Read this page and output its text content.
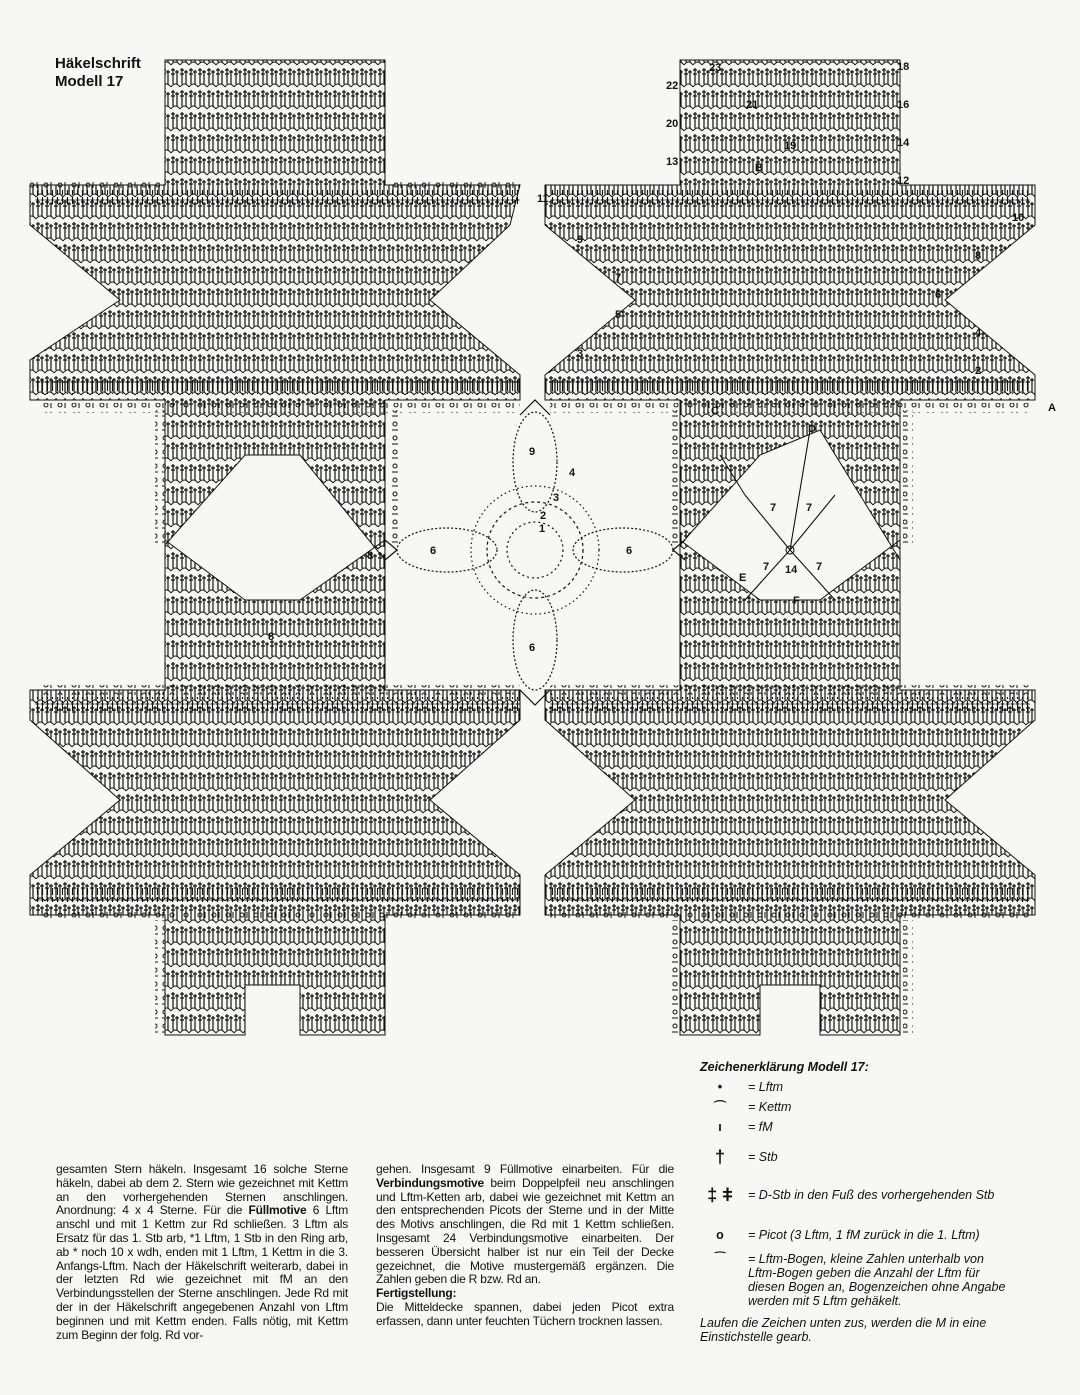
Häkelschrift
Modell 17
A
B
C
D
E
F
23	18
22
21	16
20
19	14
13
12
11
10
9
8
7
6
5
4
3
2
9
4
3
2
1
6	6
6
8
8
14
7	7
7	7

gesamten Stern häkeln. Insgesamt 16 solche Sterne häkeln, dabei ab dem 2. Stern wie gezeichnet mit Kettm an den vorhergehenden Sternen anschlingen. Anordnung: 4 x 4 Sterne. Für die Füllmotive 6 Lftm anschl und mit 1 Kettm zur Rd schließen. 3 Lftm als Ersatz für das 1. Stb arb, *1 Lftm, 1 Stb in den Ring arb, ab * noch 10 x wdh, enden mit 1 Lftm, 1 Kettm in die 3. Anfangs-Lftm. Nach der Häkelschrift weiterarb, dabei in der letzten Rd wie gezeichnet mit fM an den Verbindungsstellen der Sterne anschlingen. Jede Rd mit der in der Häkelschrift angegebenen Anzahl von Lftm beginnen und mit Kettm enden. Falls nötig, mit Kettm zum Beginn der folg. Rd vor-

gehen. Insgesamt 9 Füllmotive einarbeiten. Für die Verbindungsmotive beim Doppelpfeil neu anschlingen und Lftm-Ketten arb, dabei wie gezeichnet mit Kettm an den entsprechenden Picots der Sterne und in der Mitte des Motivs anschlingen, die Rd mit 1 Kettm schließen. Insgesamt 24 Verbindungsmotive einarbeiten. Der besseren Übersicht halber ist nur ein Teil der Decke gezeichnet, die Motive mustergemäß ergänzen. Die Zahlen geben die R bzw. Rd an.

Fertigstellung:

Die Mitteldecke spannen, dabei jeden Picot extra erfassen, dann unter feuchten Tüchern trocknen lassen.

Zeichenerklärung Modell 17:
•	= Lftm
⌒	= Kettm
ı	= fM
†	= Stb
‡ ǂ	= D-Stb in den Fuß des vorhergehenden Stb
o	= Picot (3 Lftm, 1 fM zurück in die 1. Lftm)
⁀	= Lftm-Bogen, kleine Zahlen unterhalb von Lftm-Bogen geben die Anzahl der Lftm für diesen Bogen an, Bogenzeichen ohne Angabe werden mit 5 Lftm gehäkelt.
Laufen die Zeichen unten zus, werden die M in eine Einstichstelle gearb.
